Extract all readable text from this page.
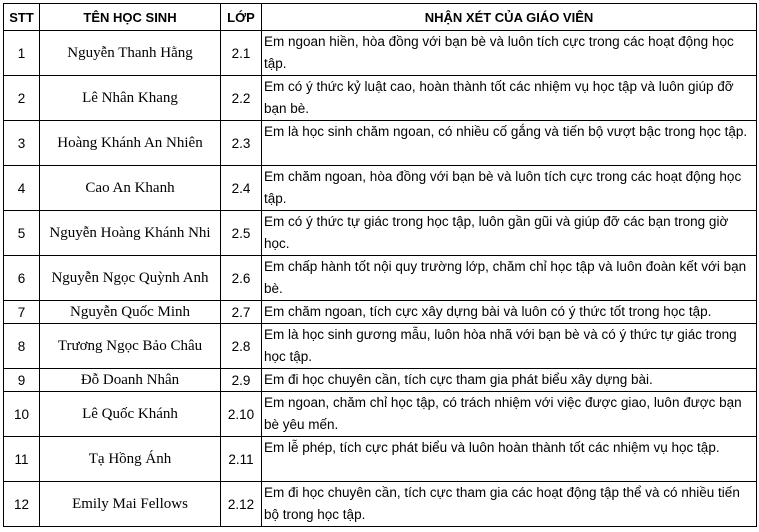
STT	TÊN HỌC SINH	LỚP	NHẬN XÉT CỦA GIÁO VIÊN
1	Nguyễn Thanh Hằng	2.1	Em ngoan hiền, hòa đồng với bạn bè và luôn tích cực trong các hoạt động học tập.
2	Lê Nhân Khang	2.2	Em có ý thức kỷ luật cao, hoàn thành tốt các nhiệm vụ học tập và luôn giúp đỡ bạn bè.
3	Hoàng Khánh An Nhiên	2.3	Em là học sinh chăm ngoan, có nhiều cố gắng và tiến bộ vượt bậc trong học tập.
4	Cao An Khanh	2.4	Em chăm ngoan, hòa đồng với bạn bè và luôn tích cực trong các hoạt động học tập.
5	Nguyễn Hoàng Khánh Nhi	2.5	Em có ý thức tự giác trong học tập, luôn gần gũi và giúp đỡ các bạn trong giờ học.
6	Nguyễn Ngọc Quỳnh Anh	2.6	Em chấp hành tốt nội quy trường lớp, chăm chỉ học tập và luôn đoàn kết với bạn bè.
7	Nguyễn Quốc Minh	2.7	Em chăm ngoan, tích cực xây dựng bài và luôn có ý thức tốt trong học tập.
8	Trương Ngọc Bảo Châu	2.8	Em là học sinh gương mẫu, luôn hòa nhã với bạn bè và có ý thức tự giác trong học tập.
9	Đỗ Doanh Nhân	2.9	Em đi học chuyên cần, tích cực tham gia phát biểu xây dựng bài.
10	Lê Quốc Khánh	2.10	Em ngoan, chăm chỉ học tập, có trách nhiệm với việc được giao, luôn được bạn bè yêu mến.
11	Tạ Hồng Ánh	2.11	Em lễ phép, tích cực phát biểu và luôn hoàn thành tốt các nhiệm vụ học tập.
12	Emily Mai Fellows	2.12	Em đi học chuyên cần, tích cực tham gia các hoạt động tập thể và có nhiều tiến bộ trong học tập.
